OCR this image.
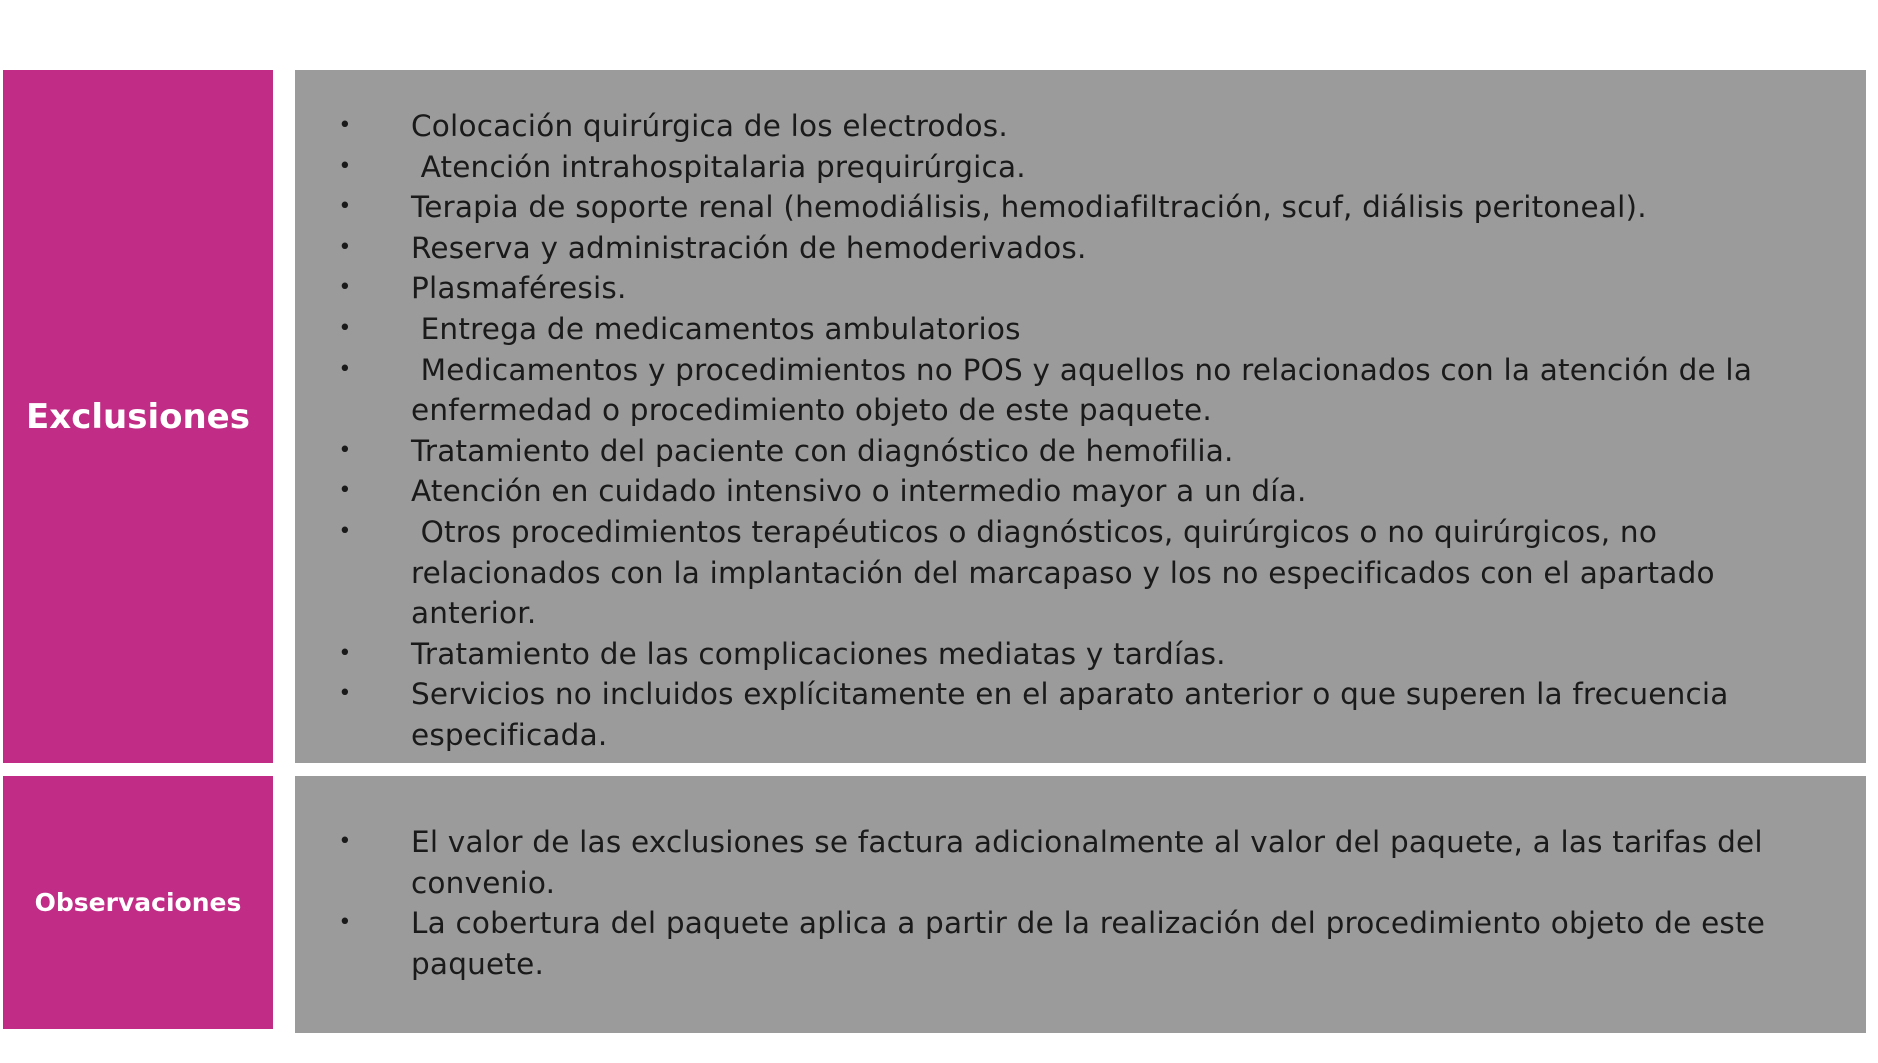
Exclusiones
• Colocación quirúrgica de los electrodos.
• Atención intrahospitalaria prequirúrgica.
• Terapia de soporte renal (hemodiálisis, hemodiafiltración, scuf, diálisis peritoneal).
• Reserva y administración de hemoderivados.
• Plasmaféresis.
• Entrega de medicamentos ambulatorios
• Medicamentos y procedimientos no POS y aquellos no relacionados con la atención de la enfermedad o procedimiento objeto de este paquete.
• Tratamiento del paciente con diagnóstico de hemofilia.
• Atención en cuidado intensivo o intermedio mayor a un día.
• Otros procedimientos terapéuticos o diagnósticos, quirúrgicos o no quirúrgicos, no relacionados con la implantación del marcapaso y los no especificados con el apartado anterior.
• Tratamiento de las complicaciones mediatas y tardías.
• Servicios no incluidos explícitamente en el aparato anterior o que superen la frecuencia especificada.
Observaciones
• El valor de las exclusiones se factura adicionalmente al valor del paquete, a las tarifas del convenio.
• La cobertura del paquete aplica a partir de la realización del procedimiento objeto de este paquete.
